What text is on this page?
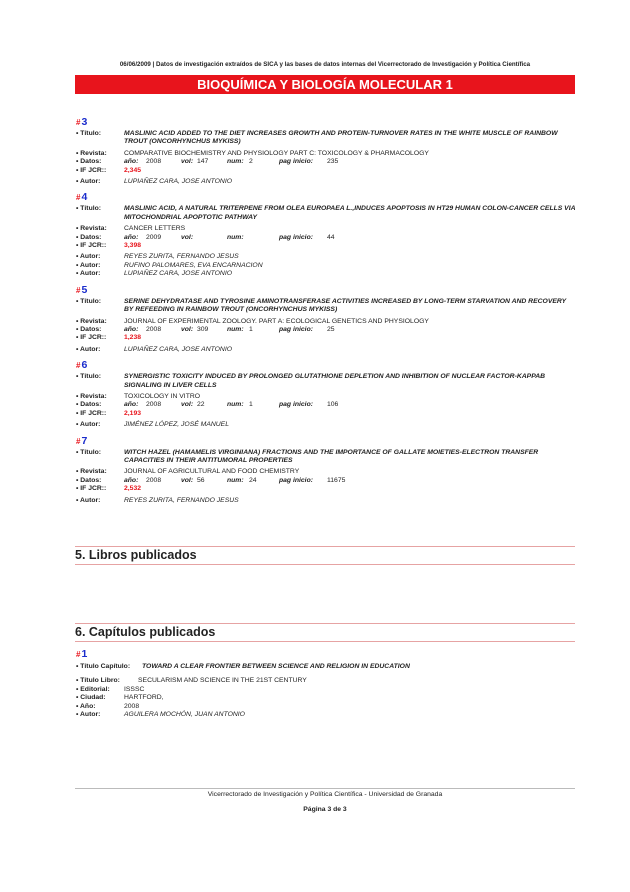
06/06/2009 | Datos de investigación extraídos de SICA y las bases de datos internas del Vicerrectorado de Investigación y Política Científica
BIOQUÍMICA Y BIOLOGÍA MOLECULAR 1
#3
• Título:	MASLINIC ACID ADDED TO THE DIET INCREASES GROWTH AND PROTEIN-TURNOVER RATES IN THE WHITE MUSCLE OF RAINBOW TROUT (ONCORHYNCHUS MYKISS)
• Revista:	COMPARATIVE BIOCHEMISTRY AND PHYSIOLOGY PART C: TOXICOLOGY & PHARMACOLOGY
• Datos:	año: 2008	vol: 147	num: 2	pag inicio: 235
• IF JCR::	2,345
• Autor:	LUPIAÑEZ CARA, JOSE ANTONIO
#4
• Título:	MASLINIC ACID, A NATURAL TRITERPENE FROM OLEA EUROPAEA L.,INDUCES APOPTOSIS IN HT29 HUMAN COLON-CANCER CELLS VIA MITOCHONDRIAL APOPTOTIC PATHWAY
• Revista:	CANCER LETTERS
• Datos:	año: 2009	vol:	num:	pag inicio: 44
• IF JCR::	3,398
• Autor:	REYES ZURITA, FERNANDO JESUS
• Autor:	RUFINO PALOMARES, EVA ENCARNACION
• Autor:	LUPIAÑEZ CARA, JOSE ANTONIO
#5
• Título:	SERINE DEHYDRATASE AND TYROSINE AMINOTRANSFERASE ACTIVITIES INCREASED BY LONG-TERM STARVATION AND RECOVERY BY REFEEDING IN RAINBOW TROUT (ONCORHYNCHUS MYKISS)
• Revista:	JOURNAL OF EXPERIMENTAL ZOOLOGY. PART A: ECOLOGICAL GENETICS AND PHYSIOLOGY
• Datos:	año: 2008	vol: 309	num: 1	pag inicio: 25
• IF JCR::	1,238
• Autor:	LUPIAÑEZ CARA, JOSE ANTONIO
#6
• Título:	SYNERGISTIC TOXICITY INDUCED BY PROLONGED GLUTATHIONE DEPLETION AND INHIBITION OF NUCLEAR FACTOR-KAPPAB SIGNALING IN LIVER CELLS
• Revista:	TOXICOLOGY IN VITRO
• Datos:	año: 2008	vol: 22	num: 1	pag inicio: 106
• IF JCR::	2,193
• Autor:	JIMÉNEZ LÓPEZ, JOSÉ MANUEL
#7
• Título:	WITCH HAZEL (HAMAMELIS VIRGINIANA) FRACTIONS AND THE IMPORTANCE OF GALLATE MOIETIES-ELECTRON TRANSFER CAPACITIES IN THEIR ANTITUMORAL PROPERTIES
• Revista:	JOURNAL OF AGRICULTURAL AND FOOD CHEMISTRY
• Datos:	año: 2008	vol: 56	num: 24	pag inicio: 11675
• IF JCR::	2,532
• Autor:	REYES ZURITA, FERNANDO JESUS
5. Libros publicados
6. Capítulos publicados
#1
• Título Capítulo: TOWARD A CLEAR FRONTIER BETWEEN SCIENCE AND RELIGION IN EDUCATION
• Título Libro:	SECULARISM AND SCIENCE IN THE 21ST CENTURY
• Editorial: ISSSC
• Ciudad:	HARTFORD,
• Año:	2008
• Autor:	AGUILERA MOCHÓN, JUAN ANTONIO
Vicerrectorado de Investigación y Política Científica - Universidad de Granada
Página 3 de 3
